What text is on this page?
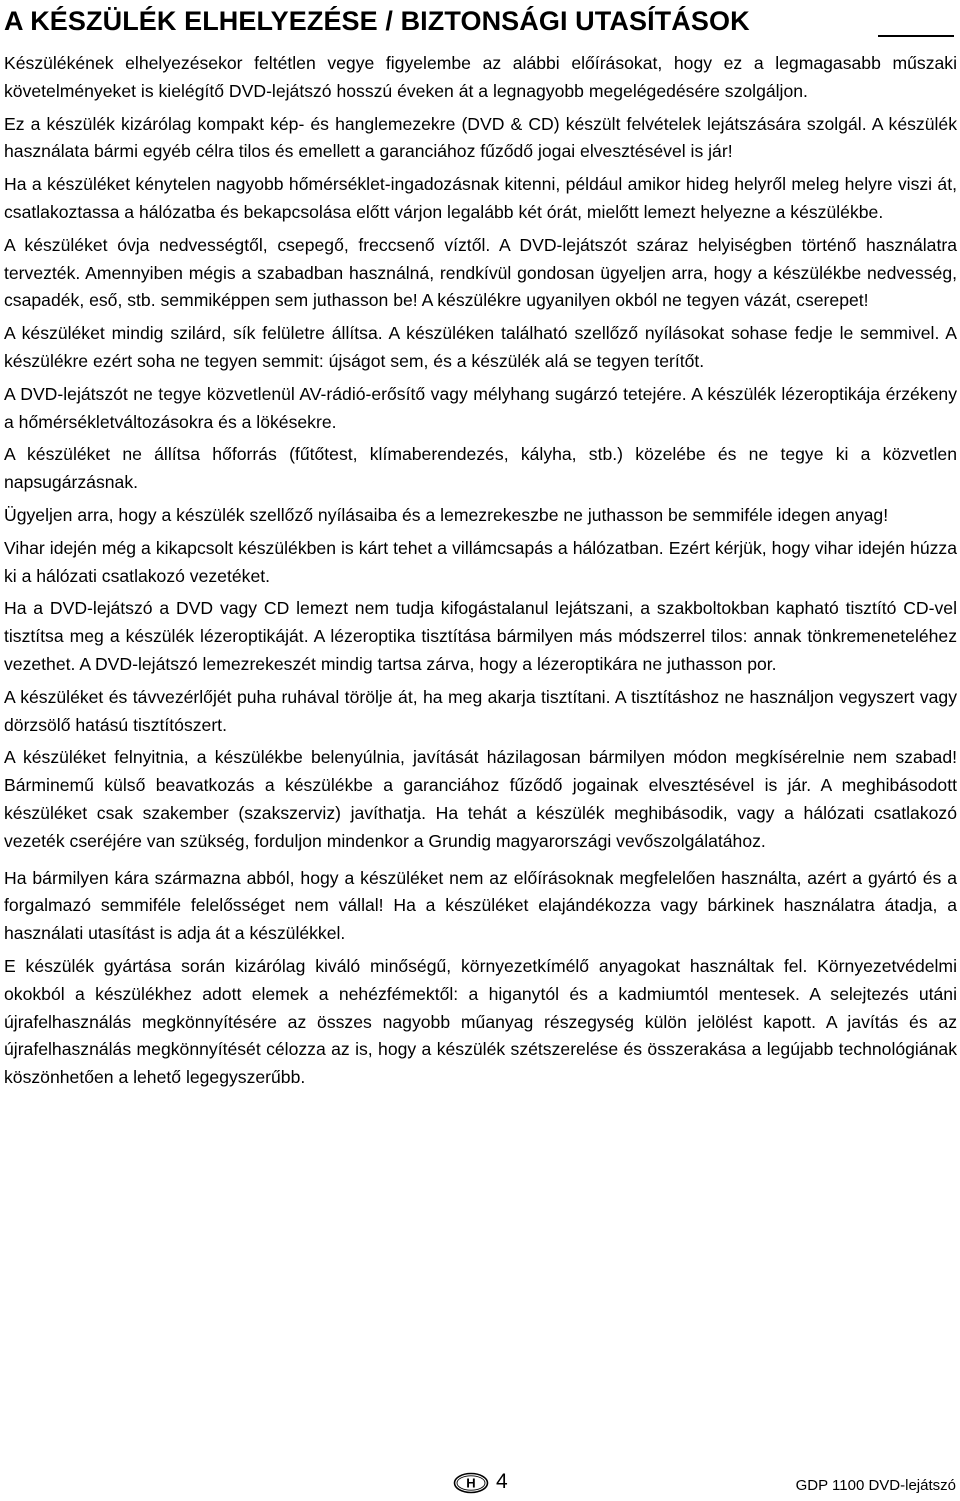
A KÉSZÜLÉK ELHELYEZÉSE / BIZTONSÁGI UTASÍTÁSOK

Készülékének elhelyezésekor feltétlen vegye figyelembe az alábbi előírásokat, hogy ez a legmagasabb műszaki követelményeket is kielégítő DVD-lejátszó hosszú éveken át a legnagyobb megelégedésére szolgáljon.

Ez a készülék kizárólag kompakt kép- és hanglemezekre (DVD & CD) készült felvételek lejátszására szolgál. A készülék használata bármi egyéb célra tilos és emellett a garanciához fűződő jogai elvesztésével is jár!

Ha a készüléket kénytelen nagyobb hőmérséklet-ingadozásnak kitenni, például amikor hideg helyről meleg helyre viszi át, csatlakoztassa a hálózatba és bekapcsolása előtt várjon legalább két órát, mielőtt lemezt helyezne a készülékbe.

A készüléket óvja nedvességtől, csepegő, freccsenő víztől. A DVD-lejátszót száraz helyiségben történő használatra tervezték. Amennyiben mégis a szabadban használná, rendkívül gondosan ügyeljen arra, hogy a készülékbe nedvesség, csapadék, eső, stb. semmiképpen sem juthasson be! A készülékre ugyanilyen okból ne tegyen vázát, cserepet!

A készüléket mindig szilárd, sík felületre állítsa. A készüléken található szellőző nyílásokat sohase fedje le semmivel. A készülékre ezért soha ne tegyen semmit: újságot sem, és a készülék alá se tegyen terítőt.

A DVD-lejátszót ne tegye közvetlenül AV-rádió-erősítő vagy mélyhang sugárzó tetejére. A készülék lézeroptikája érzékeny a hőmérsékletváltozásokra és a lökésekre.

A készüléket ne állítsa hőforrás (fűtőtest, klímaberendezés, kályha, stb.) közelébe és ne tegye ki a közvetlen napsugárzásnak.

Ügyeljen arra, hogy a készülék szellőző nyílásaiba és a lemezrekeszbe ne juthasson be semmiféle idegen anyag!

Vihar idején még a kikapcsolt készülékben is kárt tehet a villámcsapás a hálózatban. Ezért kérjük, hogy vihar idején húzza ki a hálózati csatlakozó vezetéket.

Ha a DVD-lejátszó a DVD vagy CD lemezt nem tudja kifogástalanul lejátszani, a szakboltokban kapható tisztító CD-vel tisztítsa meg a készülék lézeroptikáját. A lézeroptika tisztítása bármilyen más módszerrel tilos: annak tönkremeneteléhez vezethet. A DVD-lejátszó lemezrekeszét mindig tartsa zárva, hogy a lézeroptikára ne juthasson por.

A készüléket és távvezérlőjét puha ruhával törölje át, ha meg akarja tisztítani. A tisztításhoz ne használjon vegyszert vagy dörzsölő hatású tisztítószert.

A készüléket felnyitnia, a készülékbe belenyúlnia, javítását házilagosan bármilyen módon megkísérelnie nem szabad! Bárminemű külső beavatkozás a készülékbe a garanciához fűződő jogainak elvesztésével is jár. A meghibásodott készüléket csak szakember (szakszerviz) javíthatja. Ha tehát a készülék meghibásodik, vagy a hálózati csatlakozó vezeték cseréjére van szükség, forduljon mindenkor a Grundig magyarországi vevőszolgálatához.

Ha bármilyen kára származna abból, hogy a készüléket nem az előírásoknak megfelelően használta, azért a gyártó és a forgalmazó semmiféle felelősséget nem vállal! Ha a készüléket elajándékozza vagy bárkinek használatra átadja, a használati utasítást is adja át a készülékkel.

E készülék gyártása során kizárólag kiváló minőségű, környezetkímélő anyagokat használtak fel. Környezetvédelmi okokból a készülékhez adott elemek a nehézfémektől: a higanytól és a kadmiumtól mentesek. A selejtezés utáni újrafelhasználás megkönnyítésére az összes nagyobb műanyag részegység külön jelölést kapott. A javítás és az újrafelhasználás megkönnyítését célozza az is, hogy a készülék szétszerelése és összerakása a legújabb technológiának köszönhetően a lehető legegyszerűbb.

H 4	GDP 1100 DVD-lejátszó
